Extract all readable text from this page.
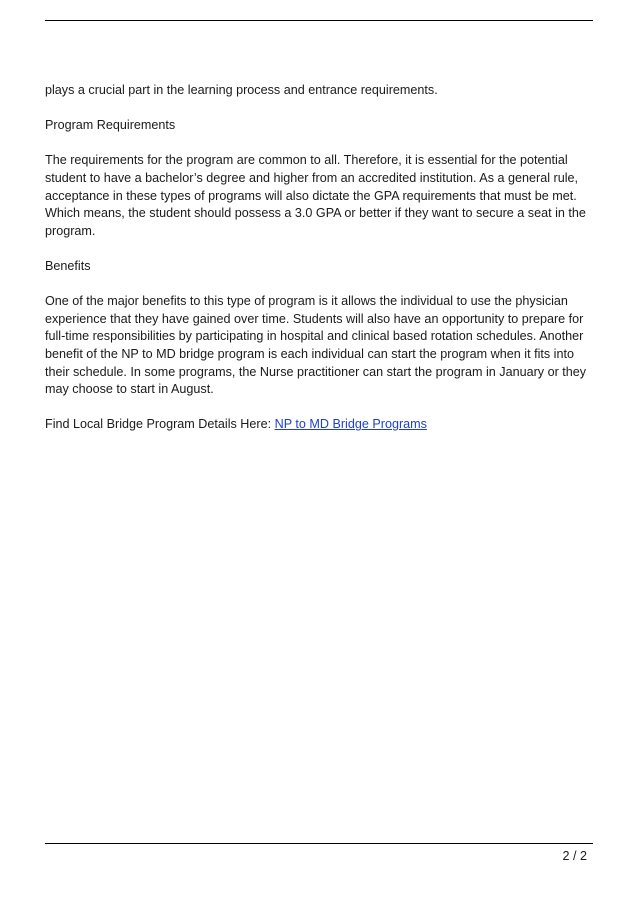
plays a crucial part in the learning process and entrance requirements.

Program Requirements

The requirements for the program are common to all. Therefore, it is essential for the potential student to have a bachelor’s degree and higher from an accredited institution. As a general rule, acceptance in these types of programs will also dictate the GPA requirements that must be met. Which means, the student should possess a 3.0 GPA or better if they want to secure a seat in the program.

Benefits

One of the major benefits to this type of program is it allows the individual to use the physician experience that they have gained over time. Students will also have an opportunity to prepare for full-time responsibilities by participating in hospital and clinical based rotation schedules. Another benefit of the NP to MD bridge program is each individual can start the program when it fits into their schedule. In some programs, the Nurse practitioner can start the program in January or they may choose to start in August.

Find Local Bridge Program Details Here: NP to MD Bridge Programs

2 / 2
